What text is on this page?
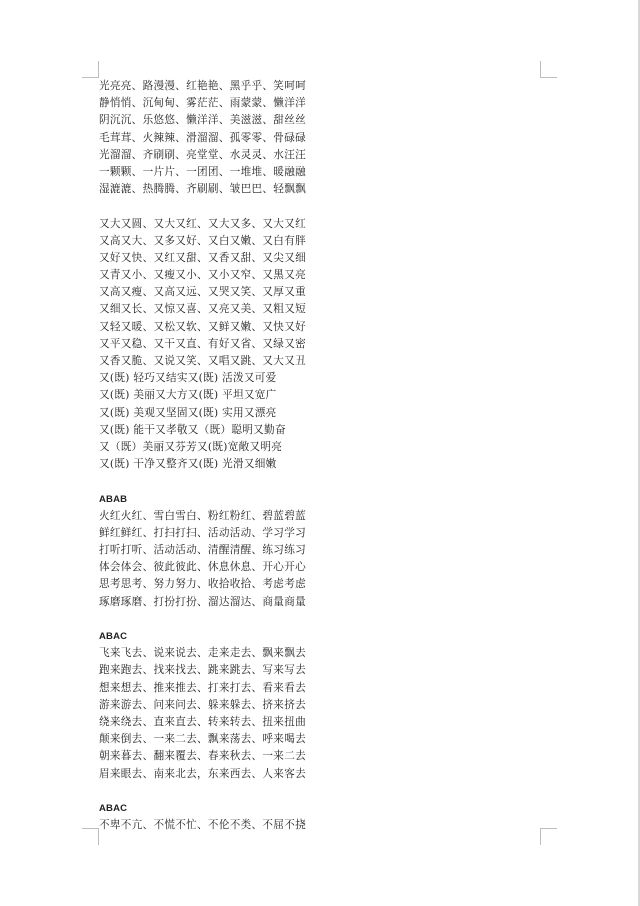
光亮亮、路漫漫、红艳艳、黑乎乎、笑呵呵
静悄悄、沉甸甸、雾茫茫、雨蒙蒙、懒洋洋
阴沉沉、乐悠悠、懒洋洋、美滋滋、甜丝丝
毛茸茸、火辣辣、滑溜溜、孤零零、骨碌碌
光溜溜、齐刷刷、亮堂堂、水灵灵、水汪汪
一颗颗、一片片、一团团、一堆堆、暖融融
湿漉漉、热腾腾、齐刷刷、皱巴巴、轻飘飘
又大又圆、又大又红、又大又多、又大又红
又高又大、又多又好、又白又嫩、又白有胖
又好又快、又红又甜、又香又甜、又尖又细
又青又小、又瘦又小、又小又窄、又黑又亮
又高又瘦、又高又远、又哭又笑、又厚又重
又细又长、又惊又喜、又亮又美、又粗又短
又轻又暖、又松又软、又鲜又嫩、又快又好
又平又稳、又干又直、有好又省、又绿又密
又香又脆、又说又笑、又唱又跳、又大又丑
又(既) 轻巧又结实又(既) 活泼又可爱
又(既) 美丽又大方又(既) 平坦又宽广
又(既) 美观又坚固又(既) 实用又漂亮
又(既) 能干又孝敬又（既）聪明又勤奋
又（既）美丽又芬芳又(既)宽敞又明亮
又(既) 干净又整齐又(既) 光滑又细嫩
ABAB
火红火红、雪白雪白、粉红粉红、碧蓝碧蓝
鲜红鲜红、打扫打扫、活动活动、学习学习
打听打听、活动活动、清醒清醒、练习练习
体会体会、彼此彼此、休息休息、开心开心
思考思考、努力努力、收拾收拾、考虑考虑
琢磨琢磨、打扮打扮、溜达溜达、商量商量
ABAC
飞来飞去、说来说去、走来走去、飘来飘去
跑来跑去、找来找去、跳来跳去、写来写去
想来想去、推来推去、打来打去、看来看去
游来游去、问来问去、躲来躲去、挤来挤去
绕来绕去、直来直去、转来转去、扭来扭曲
颠来倒去、一来二去、飘来荡去、呼来喝去
朝来暮去、翻来覆去、春来秋去、一来二去
眉来眼去、南来北去，东来西去、人来客去
ABAC
不卑不亢、不慌不忙、不伦不类、不屈不挠
